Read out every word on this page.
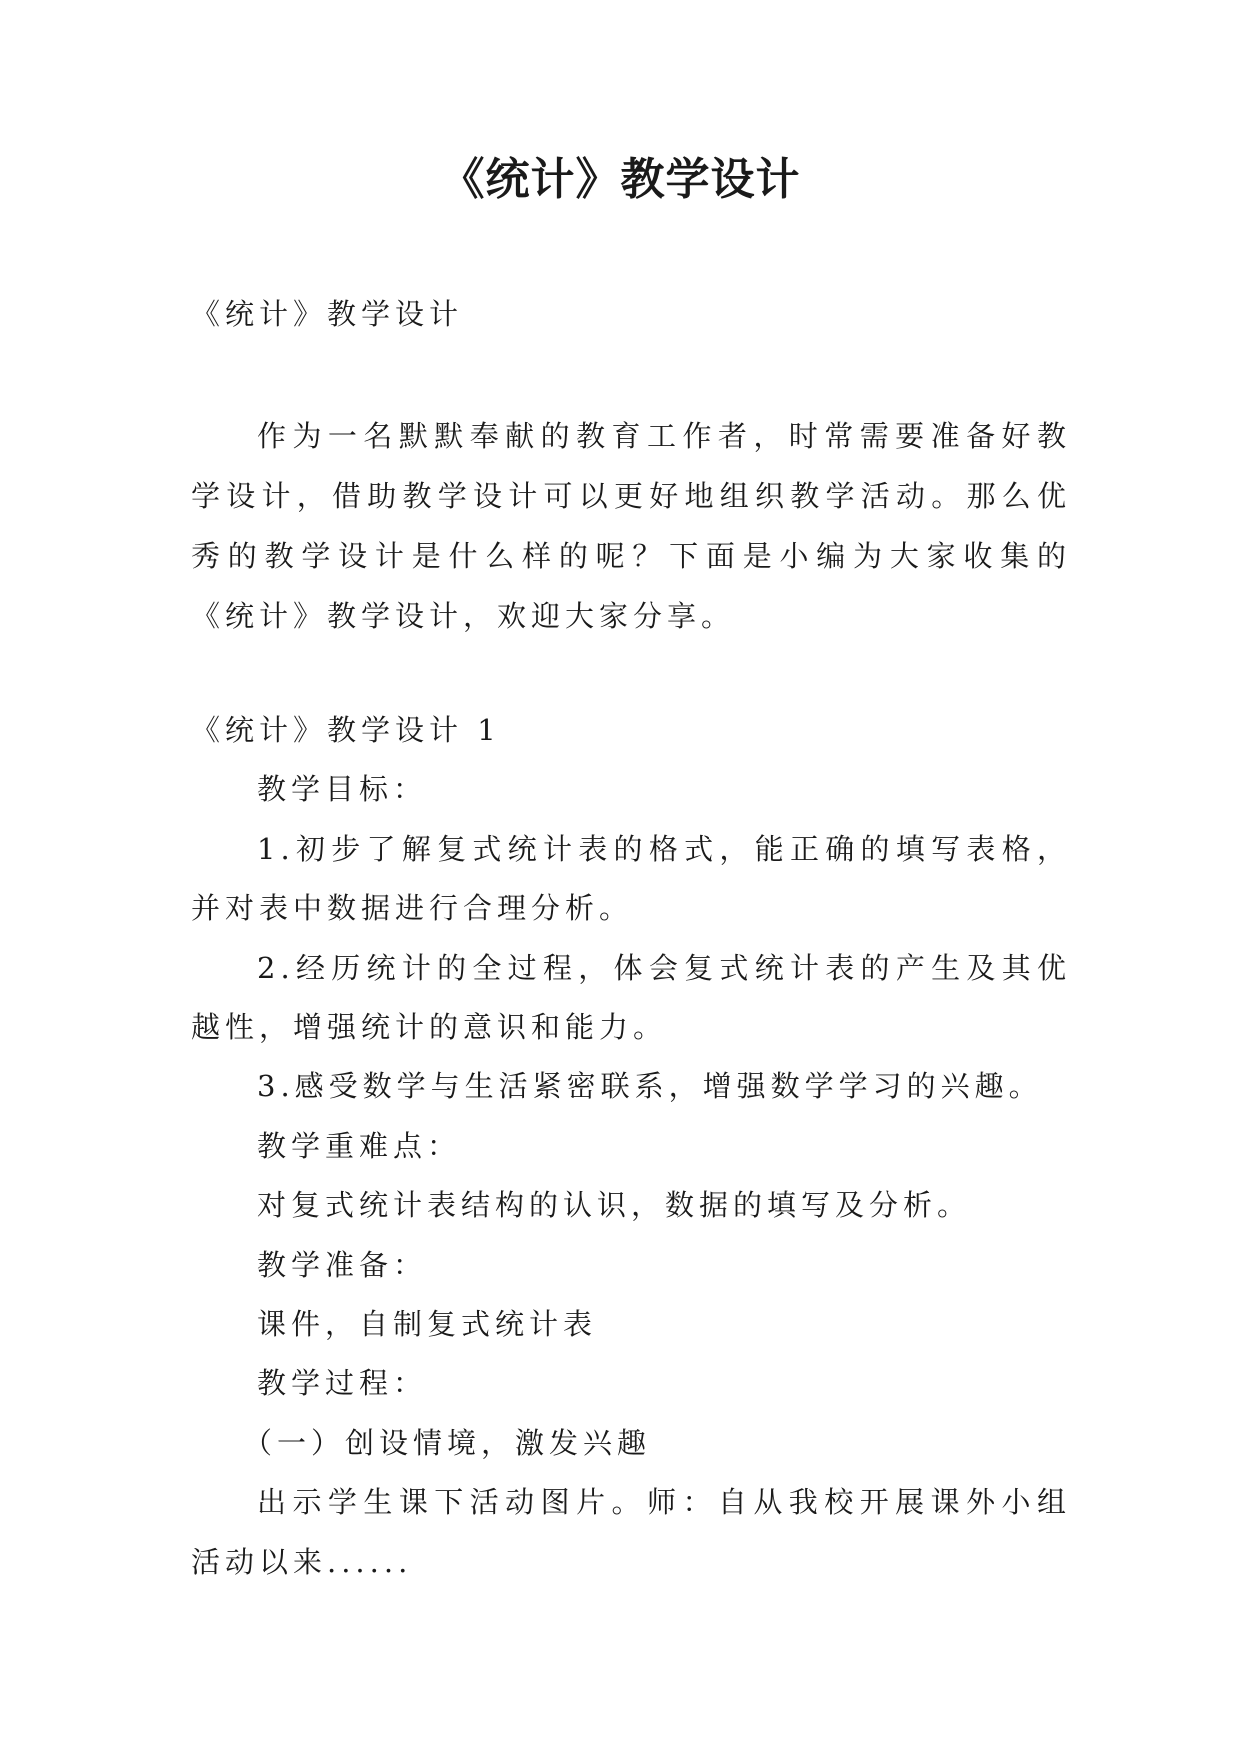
《统计》教学设计
《统计》教学设计
作为一名默默奉献的教育工作者，时常需要准备好教学设计，借助教学设计可以更好地组织教学活动。那么优秀的教学设计是什么样的呢？下面是小编为大家收集的《统计》教学设计，欢迎大家分享。

《统计》教学设计 1

教学目标：

1.初步了解复式统计表的格式，能正确的填写表格，并对表中数据进行合理分析。

2.经历统计的全过程，体会复式统计表的产生及其优越性，增强统计的意识和能力。

3.感受数学与生活紧密联系，增强数学学习的兴趣。

教学重难点：

对复式统计表结构的认识，数据的填写及分析。

教学准备：

课件，自制复式统计表

教学过程：

（一）创设情境，激发兴趣

出示学生课下活动图片。师：自从我校开展课外小组活动以来......
